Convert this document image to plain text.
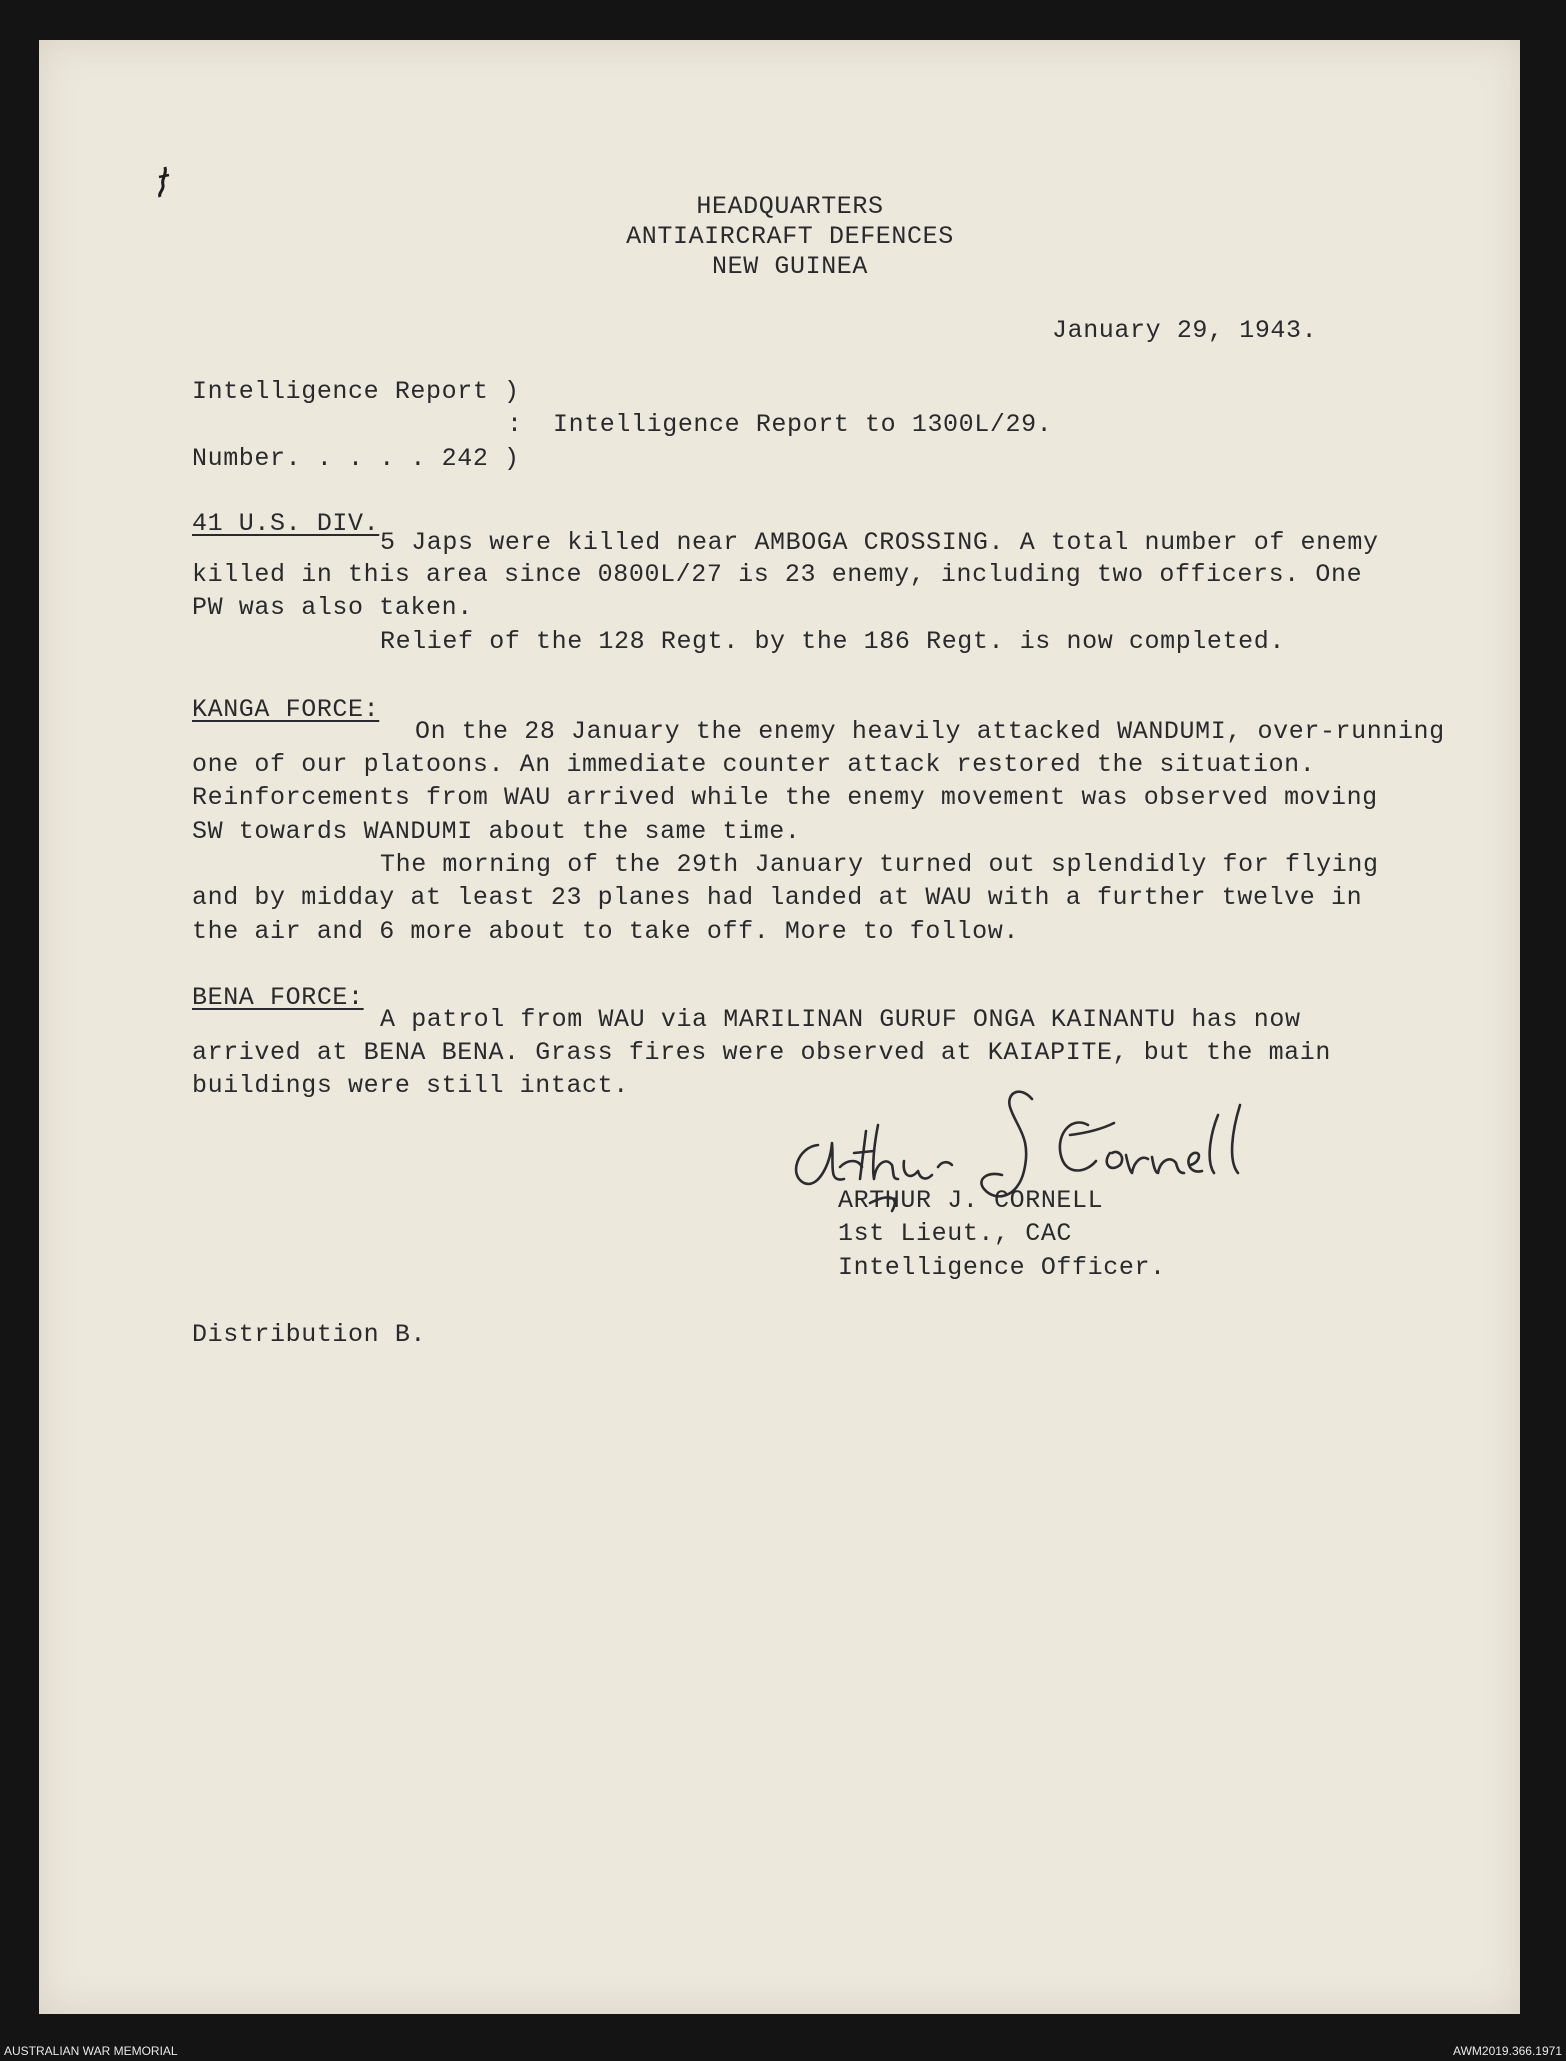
HEADQUARTERS
ANTIAIRCRAFT DEFENCES
NEW GUINEA
January 29, 1943.
Intelligence Report )
: Intelligence Report to 1300L/29.
Number. . . . . 242 )
41 U.S. DIV.
5 Japs were killed near AMBOGA CROSSING. A total number of enemy
killed in this area since 0800L/27 is 23 enemy, including two officers. One
PW was also taken.
Relief of the 128 Regt. by the 186 Regt. is now completed.
KANGA FORCE:
On the 28 January the enemy heavily attacked WANDUMI, over-running
one of our platoons. An immediate counter attack restored the situation.
Reinforcements from WAU arrived while the enemy movement was observed moving
SW towards WANDUMI about the same time.
The morning of the 29th January turned out splendidly for flying
and by midday at least 23 planes had landed at WAU with a further twelve in
the air and 6 more about to take off. More to follow.
BENA FORCE:
A patrol from WAU via MARILINAN GURUF ONGA KAINANTU has now
arrived at BENA BENA. Grass fires were observed at KAIAPITE, but the main
buildings were still intact.
ARTHUR J. CORNELL
1st Lieut., CAC
Intelligence Officer.
Distribution B.
AUSTRALIAN WAR MEMORIAL	AWM2019.366.1971
